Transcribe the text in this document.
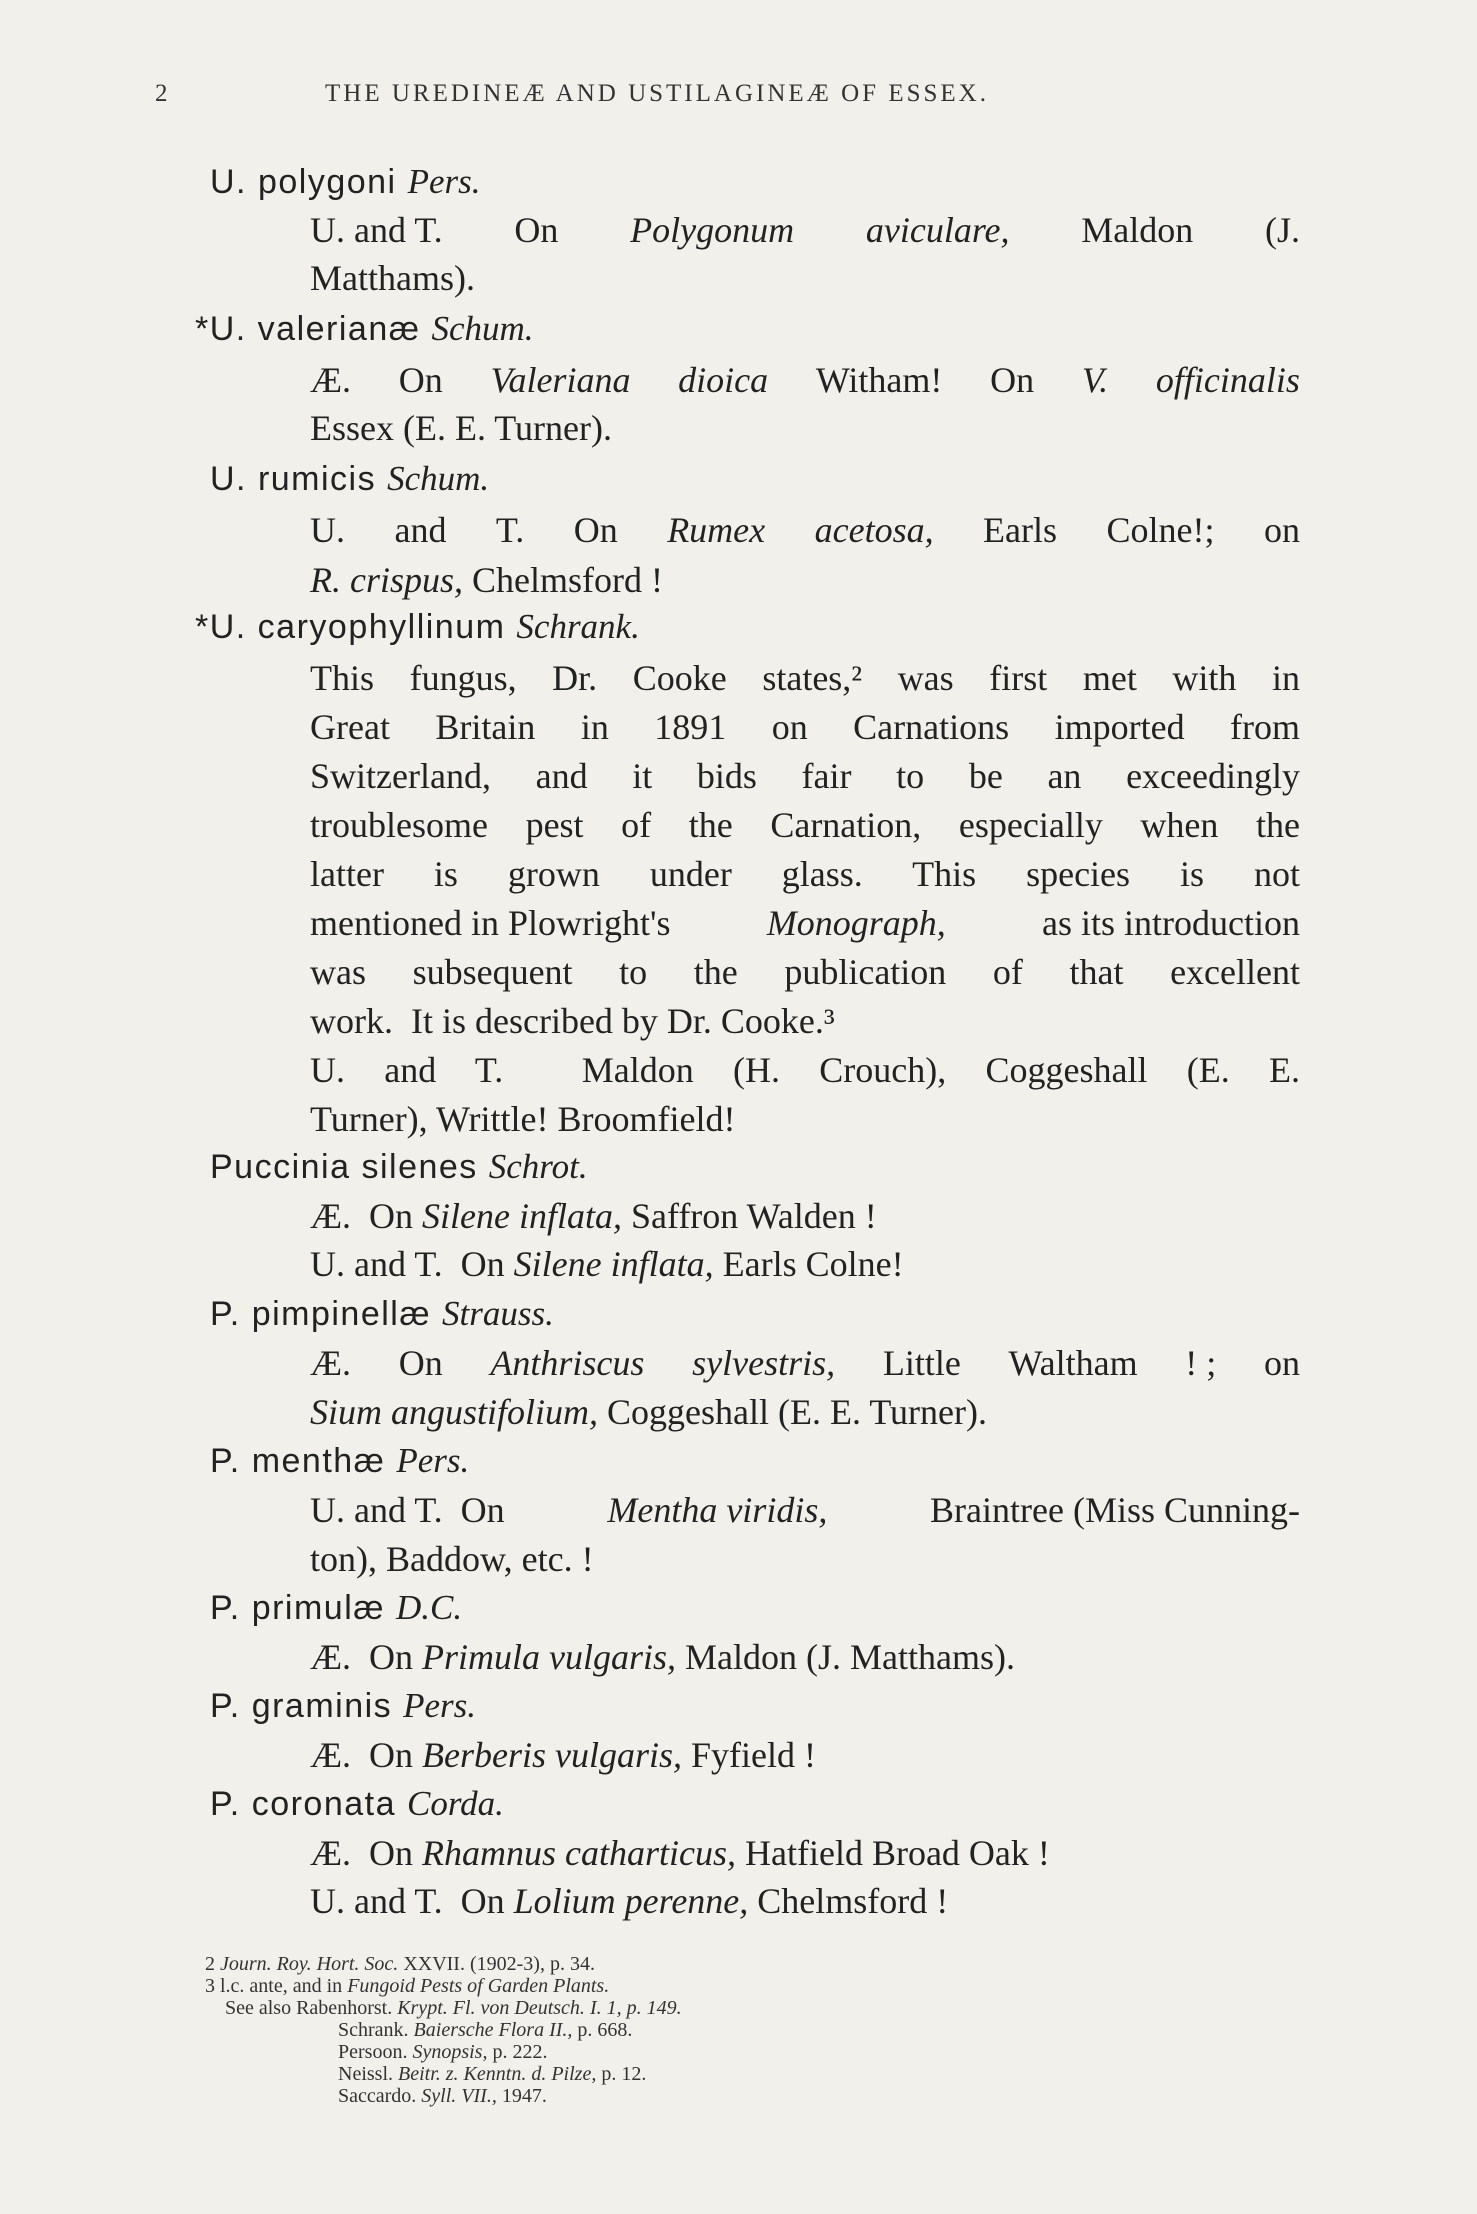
2	THE UREDINEÆ AND USTILAGINEÆ OF ESSEX.
U. polygoni Pers.
U. and T. On Polygonum aviculare, Maldon (J.
Matthams).
*U. valerianæ Schum.
Æ. On Valeriana dioica Witham! On V. officinalis
Essex (E. E. Turner).
U. rumicis Schum.
U. and T. On Rumex acetosa, Earls Colne!; on
R. crispus, Chelmsford !
*U. caryophyllinum Schrank.
This fungus, Dr. Cooke states,² was first met with in
Great Britain in 1891 on Carnations imported from
Switzerland, and it bids fair to be an exceedingly
troublesome pest of the Carnation, especially when the
latter is grown under glass. This species is not
mentioned in Plowright's	Monograph,	as its introduction
was subsequent to the publication of that excellent
work.  It is described by Dr. Cooke.³
U. and T.  Maldon (H. Crouch), Coggeshall (E. E.
Turner), Writtle! Broomfield!
Puccinia silenes Schrot.
Æ.  On Silene inflata, Saffron Walden !
U. and T.  On Silene inflata, Earls Colne!
P. pimpinellæ Strauss.
Æ. On Anthriscus sylvestris, Little Waltham ! ; on
Sium angustifolium, Coggeshall (E. E. Turner).
P. menthæ Pers.
U. and T.  On	Mentha viridis,	Braintree (Miss Cunning-
ton), Baddow, etc. !
P. primulæ D.C.
Æ.  On Primula vulgaris, Maldon (J. Matthams).
P. graminis Pers.
Æ.  On Berberis vulgaris, Fyfield !
P. coronata Corda.
Æ.  On Rhamnus catharticus, Hatfield Broad Oak !
U. and T.  On Lolium perenne, Chelmsford !
2 Journ. Roy. Hort. Soc. XXVII. (1902-3), p. 34.
3 l.c. ante, and in Fungoid Pests of Garden Plants.
See also Rabenhorst. Krypt. Fl. von Deutsch. I. 1, p. 149.
Schrank. Baiersche Flora II., p. 668.
Persoon. Synopsis, p. 222.
Neissl. Beitr. z. Kenntn. d. Pilze, p. 12.
Saccardo. Syll. VII., 1947.
